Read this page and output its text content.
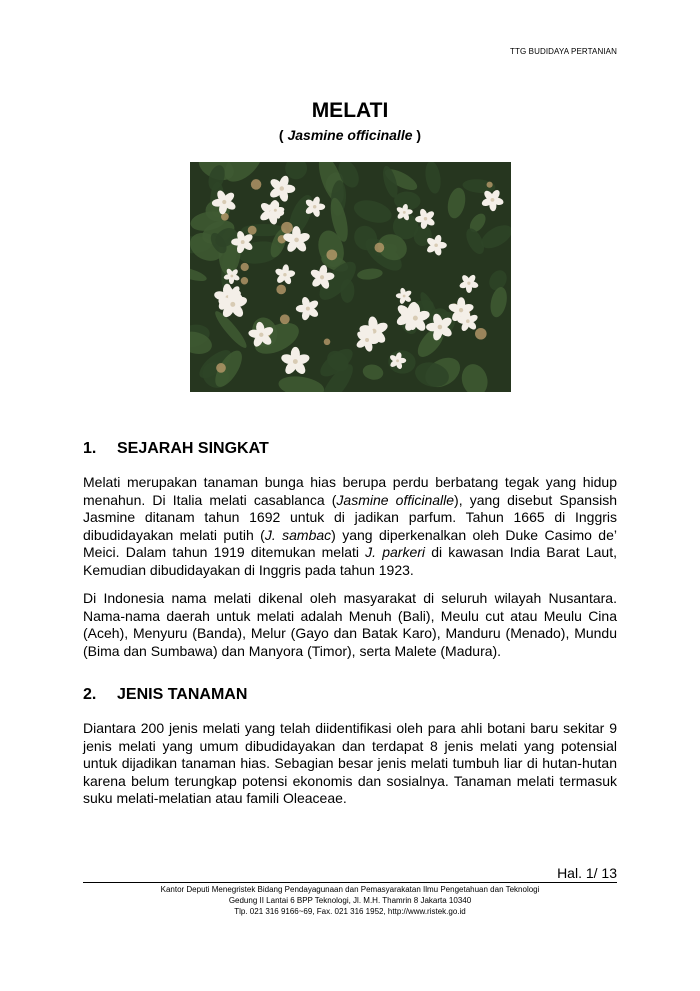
TTG BUDIDAYA PERTANIAN
MELATI
( Jasmine officinalle )
1. SEJARAH SINGKAT
Melati merupakan tanaman bunga hias berupa perdu berbatang tegak yang hidup menahun. Di Italia melati casablanca (Jasmine officinalle), yang disebut Spansish Jasmine ditanam tahun 1692 untuk di jadikan parfum. Tahun 1665 di Inggris dibudidayakan melati putih (J. sambac) yang diperkenalkan oleh Duke Casimo de’ Meici. Dalam tahun 1919 ditemukan melati J. parkeri di kawasan India Barat Laut, Kemudian dibudidayakan di Inggris pada tahun 1923.
Di Indonesia nama melati dikenal oleh masyarakat di seluruh wilayah Nusantara. Nama-nama daerah untuk melati adalah Menuh (Bali), Meulu cut atau Meulu Cina (Aceh), Menyuru (Banda), Melur (Gayo dan Batak Karo), Manduru (Menado), Mundu (Bima dan Sumbawa) dan Manyora (Timor), serta Malete (Madura).
2. JENIS TANAMAN
Diantara 200 jenis melati yang telah diidentifikasi oleh para ahli botani baru sekitar 9 jenis melati yang umum dibudidayakan dan terdapat 8 jenis melati yang potensial untuk dijadikan tanaman hias. Sebagian besar jenis melati tumbuh liar di hutan-hutan karena belum terungkap potensi ekonomis dan sosialnya. Tanaman melati termasuk suku melati-melatian atau famili Oleaceae.
Hal. 1/ 13
Kantor Deputi Menegristek Bidang Pendayagunaan dan Pemasyarakatan Ilmu Pengetahuan dan Teknologi
Gedung II Lantai 6 BPP Teknologi, Jl. M.H. Thamrin 8 Jakarta 10340
Tlp. 021 316 9166~69, Fax. 021 316 1952, http://www.ristek.go.id
